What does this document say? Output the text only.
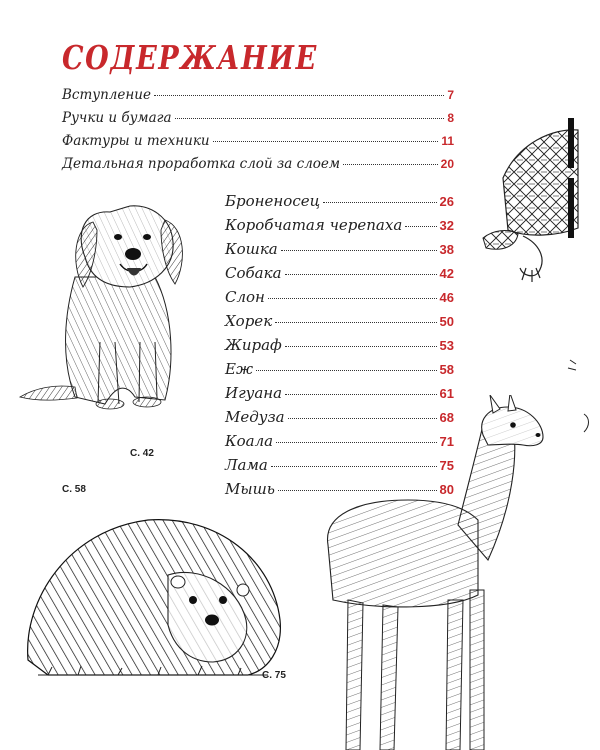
СОДЕРЖАНИЕ
Вступление	7
Ручки и бумага	8
Фактуры и техники	11
Детальная проработка слой за слоем	20
Броненосец	26
Коробчатая черепаха	32
Кошка	38
Собака	42
Слон	46
Хорек	50
Жираф	53
Еж	58
Игуана	61
Медуза	68
Коала	71
Лама	75
Мышь	80
С. 42
С. 58
С. 75
